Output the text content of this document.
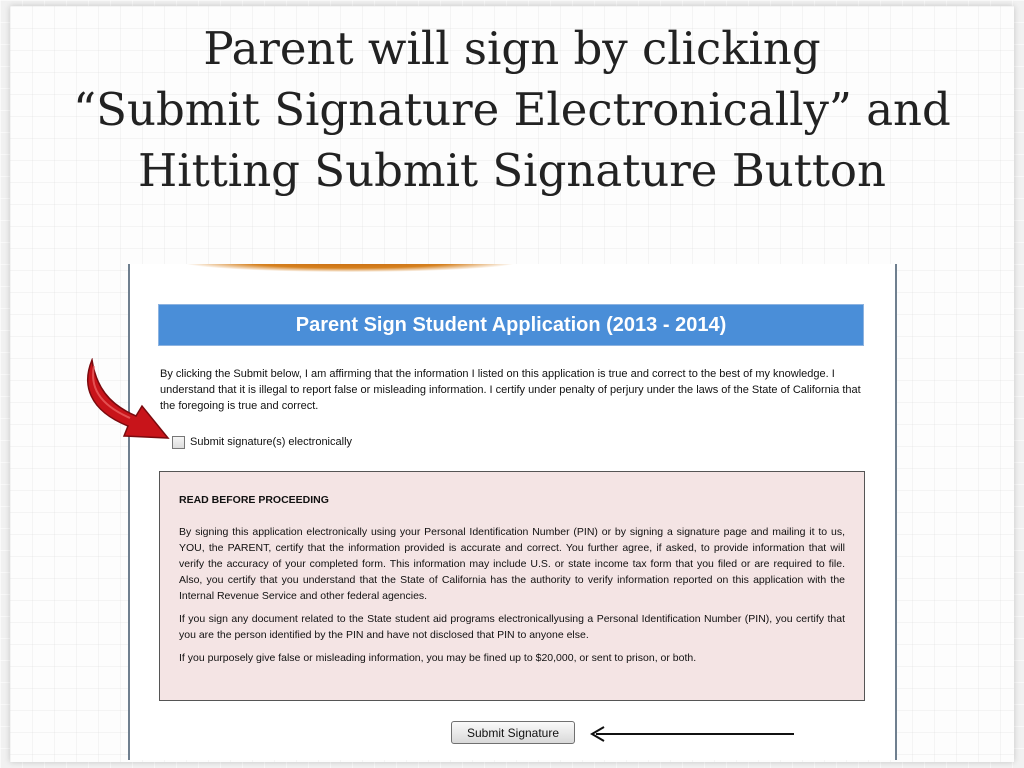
Parent will sign by clicking
“Submit Signature Electronically” and
Hitting Submit Signature Button
Parent Sign Student Application (2013 - 2014)

By clicking the Submit below, I am affirming that the information I listed on this application is true and correct to the best of my knowledge. I understand that it is illegal to report false or misleading information. I certify under penalty of perjury under the laws of the State of California that the foregoing is true and correct.

Submit signature(s) electronically
READ BEFORE PROCEEDING

By signing this application electronically using your Personal Identification Number (PIN) or by signing a signature page and mailing it to us, YOU, the PARENT, certify that the information provided is accurate and correct. You further agree, if asked, to provide information that will verify the accuracy of your completed form. This information may include U.S. or state income tax form that you filed or are required to file. Also, you certify that you understand that the State of California has the authority to verify information reported on this application with the Internal Revenue Service and other federal agencies.

If you sign any document related to the State student aid programs electronicallyusing a Personal Identification Number (PIN), you certify that you are the person identified by the PIN and have not disclosed that PIN to anyone else.

If you purposely give false or misleading information, you may be fined up to $20,000, or sent to prison, or both.

Submit Signature
